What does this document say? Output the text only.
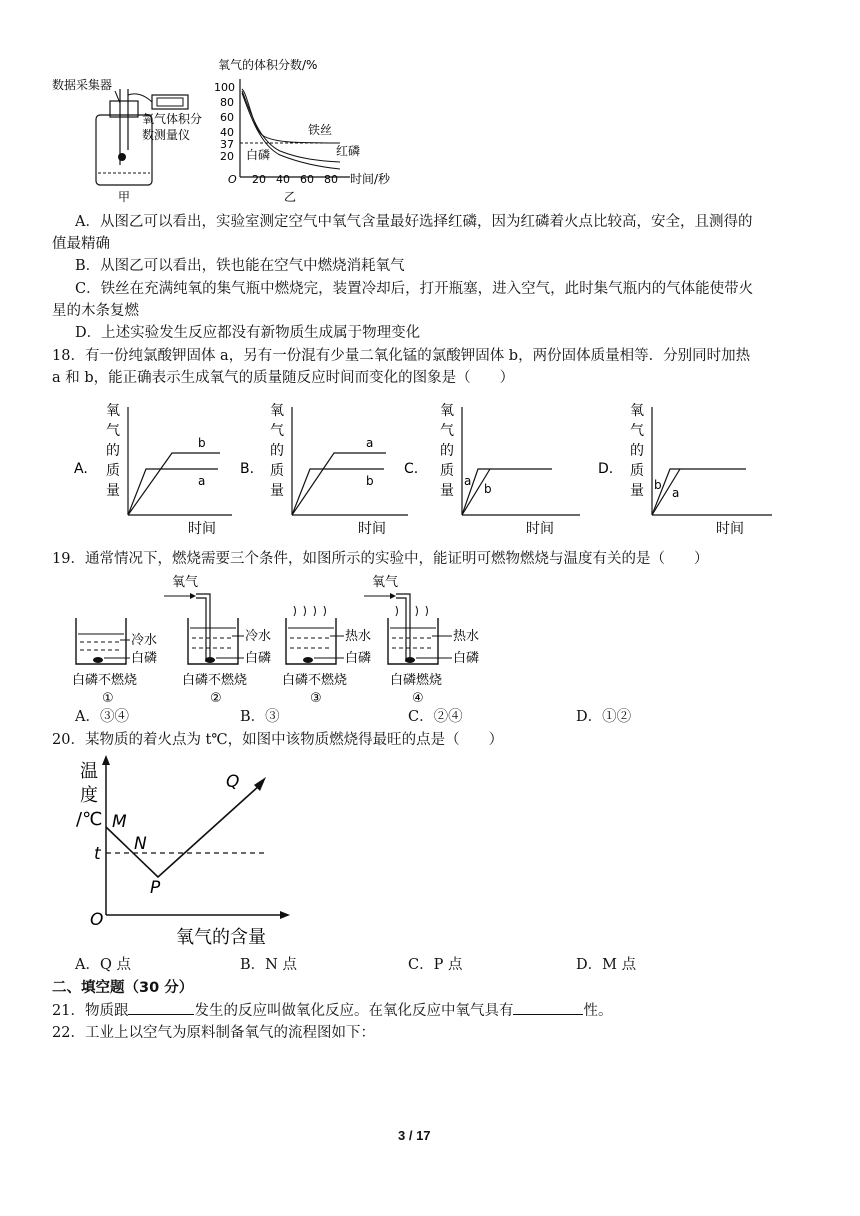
数据采集器
氧气体积分
数测量仪
甲
氧气的体积分数/%
100
80
60
40
37
20
铁丝
红磷
白磷
O 20 40 60 80 时间/秒
乙
A．从图乙可以看出，实验室测定空气中氧气含量最好选择红磷，因为红磷着火点比较高，安全，且测得的
值最精确
B．从图乙可以看出，铁也能在空气中燃烧消耗氧气
C．铁丝在充满纯氧的集气瓶中燃烧完，装置冷却后，打开瓶塞，进入空气，此时集气瓶内的气体能使带火
星的木条复燃
D．上述实验发生反应都没有新物质生成属于物理变化
18．有一份纯氯酸钾固体 a，另有一份混有少量二氧化锰的氯酸钾固体 b，两份固体质量相等．分别同时加热
a 和 b，能正确表示生成氧气的质量随反应时间而变化的图象是（　　）
A.
氧
气
的
质
量
b
a
时间
B.
氧
气
的
质
量
a
b
时间
C.
氧
气
的
质
量
a
b
时间
D.
氧
气
的
质
量 b
a
时间
19．通常情况下，燃烧需要三个条件，如图所示的实验中，能证明可燃物燃烧与温度有关的是（　　）
氧气	氧气
冷水
白磷
白磷不燃烧
①
冷水
白磷
白磷不燃烧
②
热水
白磷
白磷不燃烧
③
热水
白磷
白磷燃烧
④
A．③④	B．③	C．②④	D．①②
20．某物质的着火点为 t℃，如图中该物质燃烧得最旺的点是（　　）
温
度
/℃ M
N
P
Q
t
O
氧气的含量
A．Q 点	B．N 点	C．P 点	D．M 点
二、填空题（30 分）
21．物质跟	发生的反应叫做氧化反应。在氧化反应中氧气具有	性。
22．工业上以空气为原料制备氧气的流程图如下：
3 / 17
